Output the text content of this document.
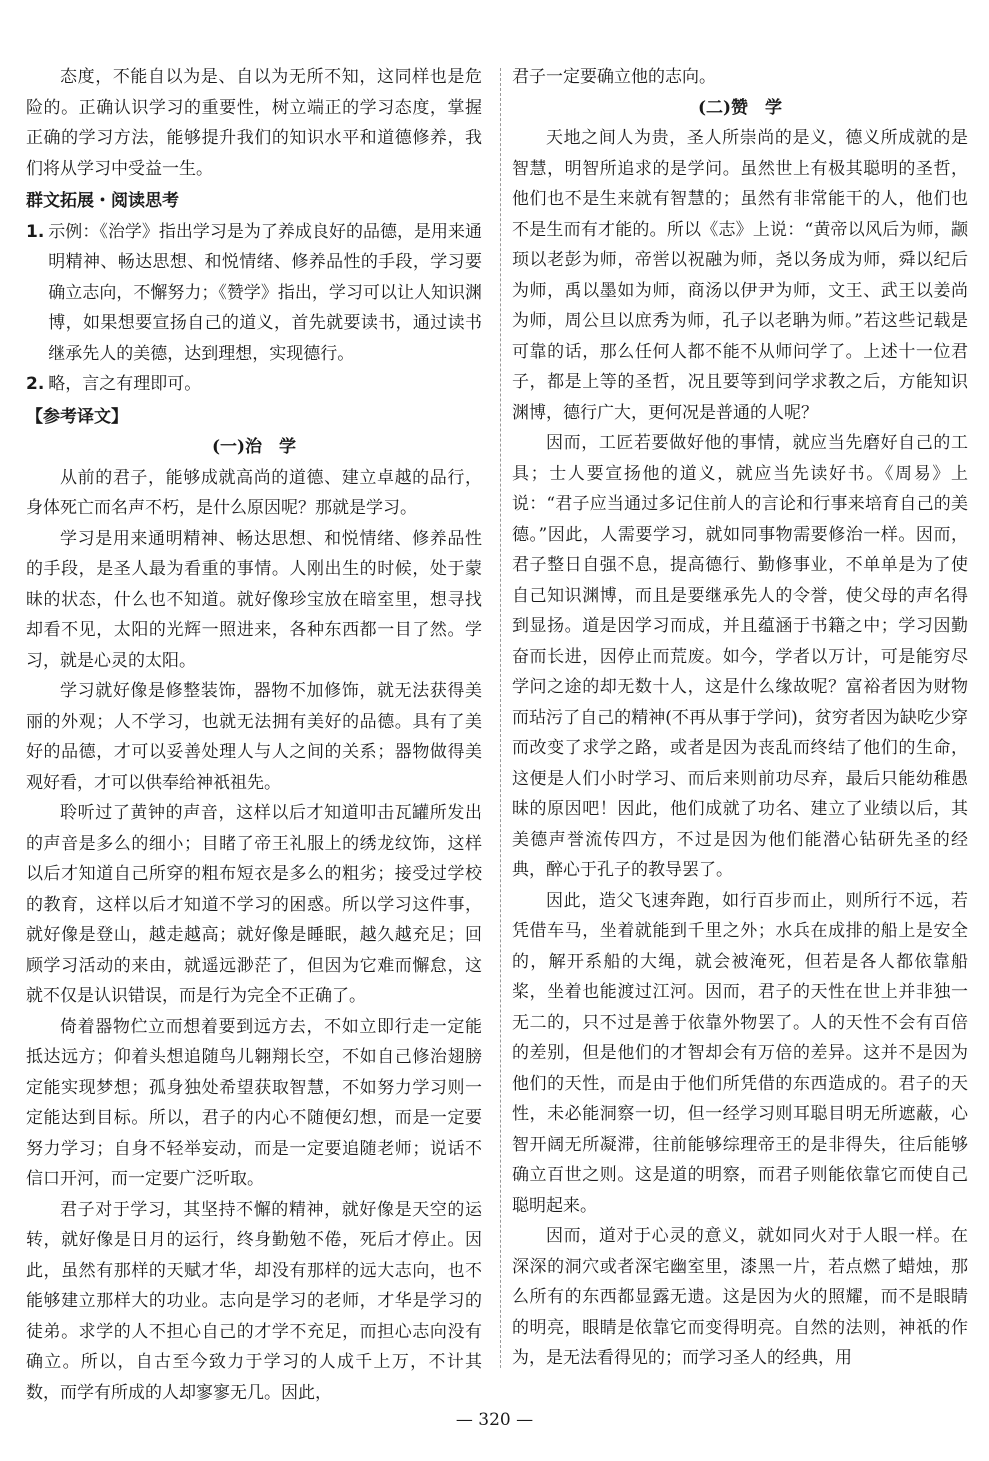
态度，不能自以为是、自以为无所不知，这同样也是危险的。正确认识学习的重要性，树立端正的学习态度，掌握正确的学习方法，能够提升我们的知识水平和道德修养，我们将从学习中受益一生。

群文拓展・阅读思考
1. 示例：《治学》指出学习是为了养成良好的品德，是用来通明精神、畅达思想、和悦情绪、修养品性的手段，学习要确立志向，不懈努力；《赞学》指出，学习可以让人知识渊博，如果想要宣扬自己的道义，首先就要读书，通过读书继承先人的美德，达到理想，实现德行。
2. 略，言之有理即可。
【参考译文】

(一)治　学

从前的君子，能够成就高尚的道德、建立卓越的品行，身体死亡而名声不朽，是什么原因呢？那就是学习。

学习是用来通明精神、畅达思想、和悦情绪、修养品性的手段，是圣人最为看重的事情。人刚出生的时候，处于蒙昧的状态，什么也不知道。就好像珍宝放在暗室里，想寻找却看不见，太阳的光辉一照进来，各种东西都一目了然。学习，就是心灵的太阳。

学习就好像是修整装饰，器物不加修饰，就无法获得美丽的外观；人不学习，也就无法拥有美好的品德。具有了美好的品德，才可以妥善处理人与人之间的关系；器物做得美观好看，才可以供奉给神祇祖先。

聆听过了黄钟的声音，这样以后才知道叩击瓦罐所发出的声音是多么的细小；目睹了帝王礼服上的绣龙纹饰，这样以后才知道自己所穿的粗布短衣是多么的粗劣；接受过学校的教育，这样以后才知道不学习的困惑。所以学习这件事，就好像是登山，越走越高；就好像是睡眠，越久越充足；回顾学习活动的来由，就遥远渺茫了，但因为它难而懈怠，这就不仅是认识错误，而是行为完全不正确了。

倚着器物伫立而想着要到远方去，不如立即行走一定能抵达远方；仰着头想追随鸟儿翱翔长空，不如自己修治翅膀定能实现梦想；孤身独处希望获取智慧，不如努力学习则一定能达到目标。所以，君子的内心不随便幻想，而是一定要努力学习；自身不轻举妄动，而是一定要追随老师；说话不信口开河，而一定要广泛听取。

君子对于学习，其坚持不懈的精神，就好像是天空的运转，就好像是日月的运行，终身勤勉不倦，死后才停止。因此，虽然有那样的天赋才华，却没有那样的远大志向，也不能够建立那样大的功业。志向是学习的老师，才华是学习的徒弟。求学的人不担心自己的才学不充足，而担心志向没有确立。所以，自古至今致力于学习的人成千上万，不计其数，而学有所成的人却寥寥无几。因此，

君子一定要确立他的志向。

(二)赞　学

天地之间人为贵，圣人所崇尚的是义，德义所成就的是智慧，明智所追求的是学问。虽然世上有极其聪明的圣哲，他们也不是生来就有智慧的；虽然有非常能干的人，他们也不是生而有才能的。所以《志》上说：“黄帝以风后为师，颛顼以老彭为师，帝喾以祝融为师，尧以务成为师，舜以纪后为师，禹以墨如为师，商汤以伊尹为师，文王、武王以姜尚为师，周公旦以庶秀为师，孔子以老聃为师。”若这些记载是可靠的话，那么任何人都不能不从师问学了。上述十一位君子，都是上等的圣哲，况且要等到问学求教之后，方能知识渊博，德行广大，更何况是普通的人呢？

因而，工匠若要做好他的事情，就应当先磨好自己的工具；士人要宣扬他的道义，就应当先读好书。《周易》上说：“君子应当通过多记住前人的言论和行事来培育自己的美德。”因此，人需要学习，就如同事物需要修治一样。因而，君子整日自强不息，提高德行、勤修事业，不单单是为了使自己知识渊博，而且是要继承先人的令誉，使父母的声名得到显扬。道是因学习而成，并且蕴涵于书籍之中；学习因勤奋而长进，因停止而荒废。如今，学者以万计，可是能穷尽学问之途的却无数十人，这是什么缘故呢？富裕者因为财物而玷污了自己的精神(不再从事于学问)，贫穷者因为缺吃少穿而改变了求学之路，或者是因为丧乱而终结了他们的生命，这便是人们小时学习、而后来则前功尽弃，最后只能幼稚愚昧的原因吧！因此，他们成就了功名、建立了业绩以后，其美德声誉流传四方，不过是因为他们能潜心钻研先圣的经典，醉心于孔子的教导罢了。

因此，造父飞速奔跑，如行百步而止，则所行不远，若凭借车马，坐着就能到千里之外；水兵在成排的船上是安全的，解开系船的大绳，就会被淹死，但若是各人都依靠船桨，坐着也能渡过江河。因而，君子的天性在世上并非独一无二的，只不过是善于依靠外物罢了。人的天性不会有百倍的差别，但是他们的才智却会有万倍的差异。这并不是因为他们的天性，而是由于他们所凭借的东西造成的。君子的天性，未必能洞察一切，但一经学习则耳聪目明无所遮蔽，心智开阔无所凝滞，往前能够综理帝王的是非得失，往后能够确立百世之则。这是道的明察，而君子则能依靠它而使自己聪明起来。

因而，道对于心灵的意义，就如同火对于人眼一样。在深深的洞穴或者深宅幽室里，漆黑一片，若点燃了蜡烛，那么所有的东西都显露无遗。这是因为火的照耀，而不是眼睛的明亮，眼睛是依靠它而变得明亮。自然的法则，神祇的作为，是无法看得见的；而学习圣人的经典，用

— 320 —
